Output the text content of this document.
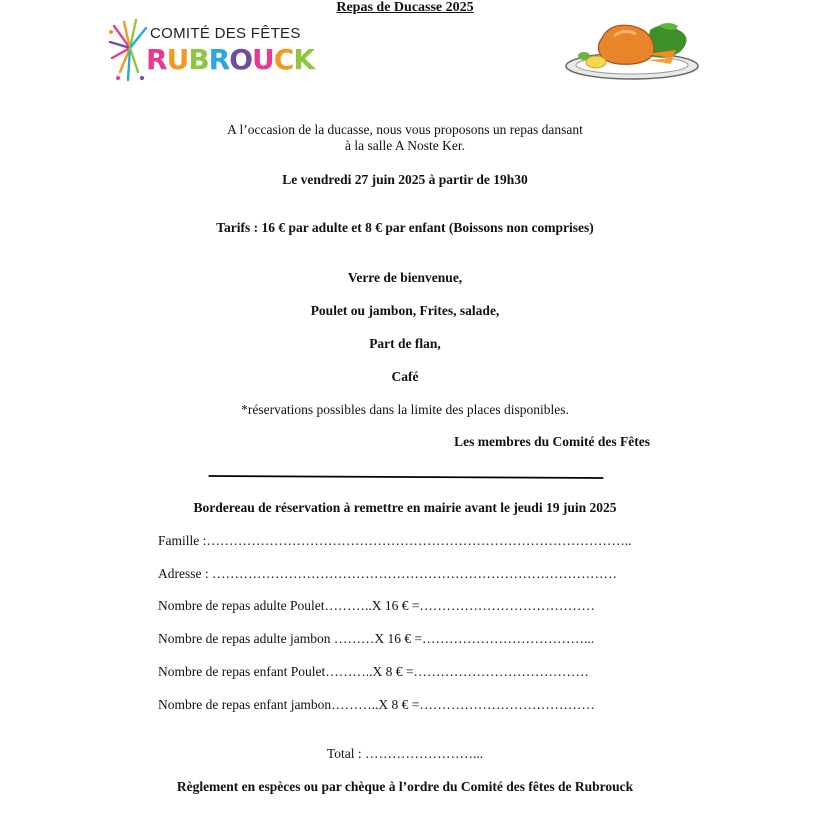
COMITÉ DES FÊTES
RUBROUCK
Repas de Ducasse 2025
A l’occasion de la ducasse, nous vous proposons un repas dansant
à la salle A Noste Ker.
Le vendredi 27 juin 2025 à partir de 19h30
Tarifs : 16 € par adulte et 8 € par enfant (Boissons non comprises)
Verre de bienvenue,
Poulet ou jambon, Frites, salade,
Part de flan,
Café
*réservations possibles dans la limite des places disponibles.
Les membres du Comité des Fêtes
Bordereau de réservation à remettre en mairie avant le jeudi 19 juin 2025
Famille :…………………………………………………………………………………..
Adresse : ………………………………………………………………………………
Nombre de repas adulte Poulet………..X 16 € =…………………………………
Nombre de repas adulte jambon ………X 16 € =………………………………...
Nombre de repas enfant Poulet………..X 8 € =…………………………………
Nombre de repas enfant jambon………..X 8 € =…………………………………
Total : ……………………...
Règlement en espèces ou par chèque à l’ordre du Comité des fêtes de Rubrouck
